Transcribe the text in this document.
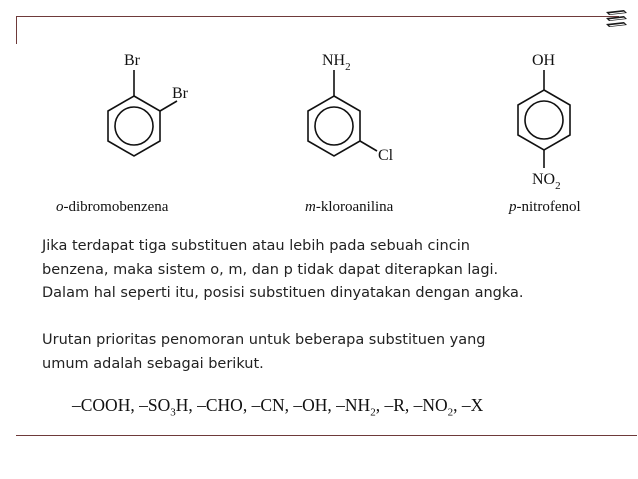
Br
Br
$NH_2$
Cl
OH
$NO_2$
o-dibromobenzena	m-kloroanilina	p-nitrofenol

Jika terdapat tiga substituen atau lebih pada sebuah cincin
benzena, maka sistem o, m, dan p tidak dapat diterapkan lagi.
Dalam hal seperti itu, posisi substituen dinyatakan dengan angka.

Urutan prioritas penomoran untuk beberapa substituen yang
umum adalah sebagai berikut.

–COOH, $-SO_3H$, –CHO, –CN, –OH, $-NH_2$, –R, $-NO_2$, –X
